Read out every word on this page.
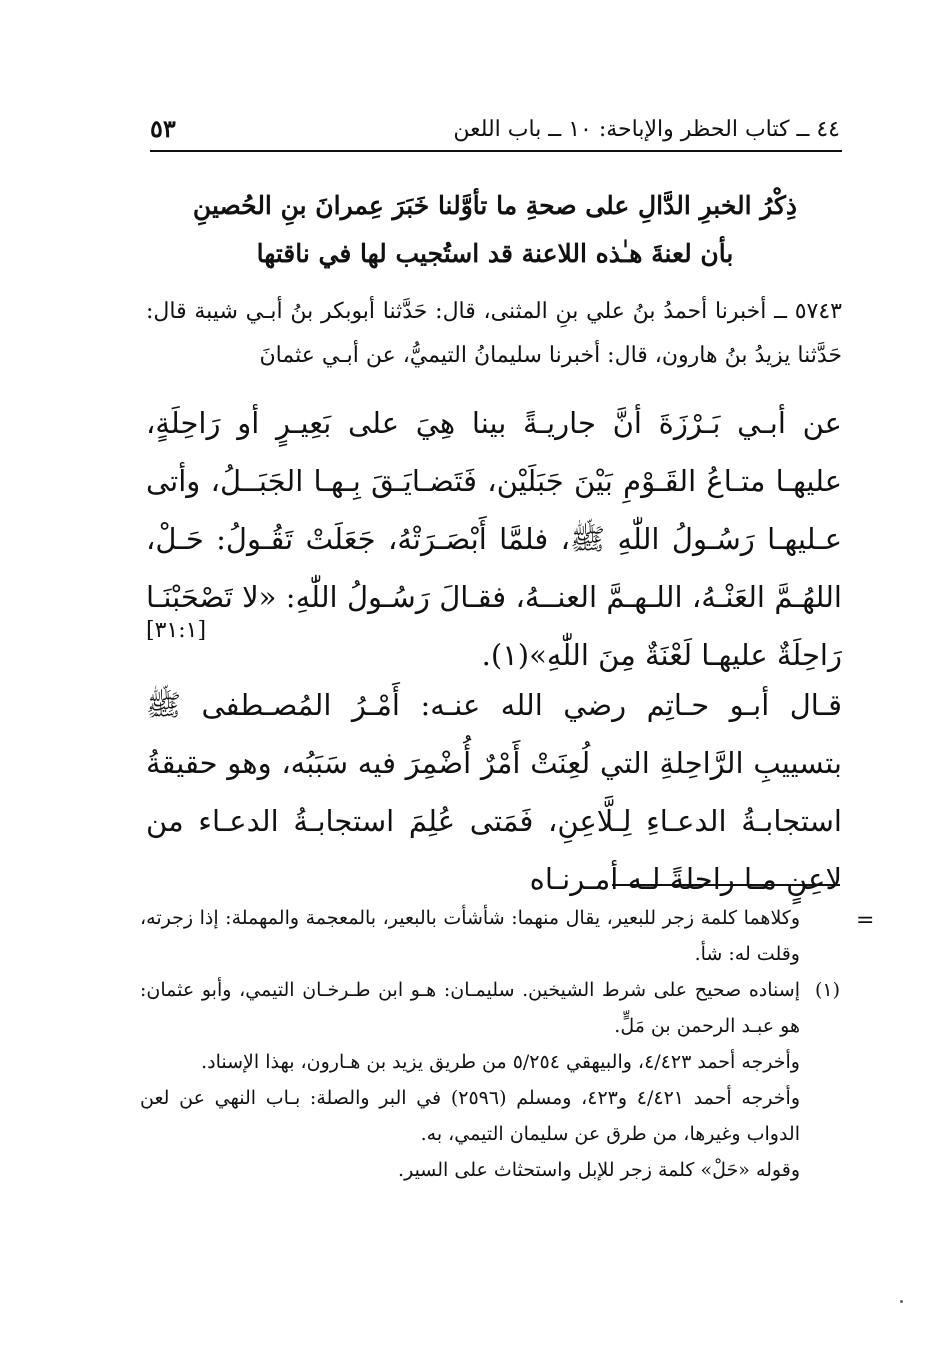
٤٤ ــ كتاب الحظر والإباحة: ١٠ ــ باب اللعن
٥٣
ذِكْرُ الخبرِ الدَّالِ على صحةِ ما تأوَّلنا خَبَرَ عِمرانَ بنِ الحُصينِ
بأن لعنةَ هـٰذه اللاعنة قد استُجيب لها في ناقتها
٥٧٤٣ ــ أخبرنا أحمدُ بنُ علي بنِ المثنى، قال: حَدَّثنا أبوبكر بنُ أبـي شيبة قال: حَدَّثنا يزيدُ بنُ هارون، قال: أخبرنا سليمانُ التيميُّ، عن أبـي عثمانَ
عن أبـي بَـرْزَةَ أنَّ جاريـةً بينا هِيَ على بَعِيـرٍ أو رَاحِلَةٍ، عليهـا متـاعُ القَـوْمِ بَيْنَ جَبَلَيْن، فَتَضـايَـقَ بِـهـا الجَبَــلُ، وأتى عـليهـا رَسُـولُ اللّٰهِ ﷺ، فلمَّا أَبْصَـرَتْهُ، جَعَلَتْ تَقُـولُ: حَـلْ، اللهُـمَّ العَنْـهُ، اللـهـمَّ العنــهُ، فقـالَ رَسُـولُ اللّٰهِ: «لا تَصْحَبْنَـا رَاحِلَةٌ عليهـا لَعْنَةٌ مِنَ اللّٰهِ»(١).
[٣١:١]
قـال أبـو حـاتِم رضي الله عنـه: أَمْـرُ المُصـطفى ﷺ بتسييبِ الرَّاحِلةِ التي لُعِنَتْ أَمْرٌ أُضْمِرَ فيه سَبَبُه، وهو حقيقةُ استجابـةُ الدعـاءِ لِـلَّاعِنِ، فَمَتى عُلِمَ استجابـةُ الدعـاء من لاعِنٍ مـا راحلةً لـه أمـرنـاه
=

وكلاهما كلمة زجر للبعير، يقال منهما: شأشأت بالبعير، بالمعجمة والمهملة: إذا زجرته، وقلت له: شأ.

(١)

إسناده صحيح على شرط الشيخين. سليمـان: هـو ابن طـرخـان التيمي، وأبو عثمان: هو عبـد الرحمن بن مَلٍّ.

وأخرجه أحمد ٤/٤٢٣، والبيهقي ٥/٢٥٤ من طريق يزيد بن هـارون، بهذا الإسناد.

وأخرجه أحمد ٤/٤٢١ و٤٢٣، ومسلم (٢٥٩٦) في البر والصلة: بـاب النهي عن لعن الدواب وغيرها، من طرق عن سليمان التيمي، به.

وقوله «حَلْ» كلمة زجر للإبل واستحثاث على السير.
